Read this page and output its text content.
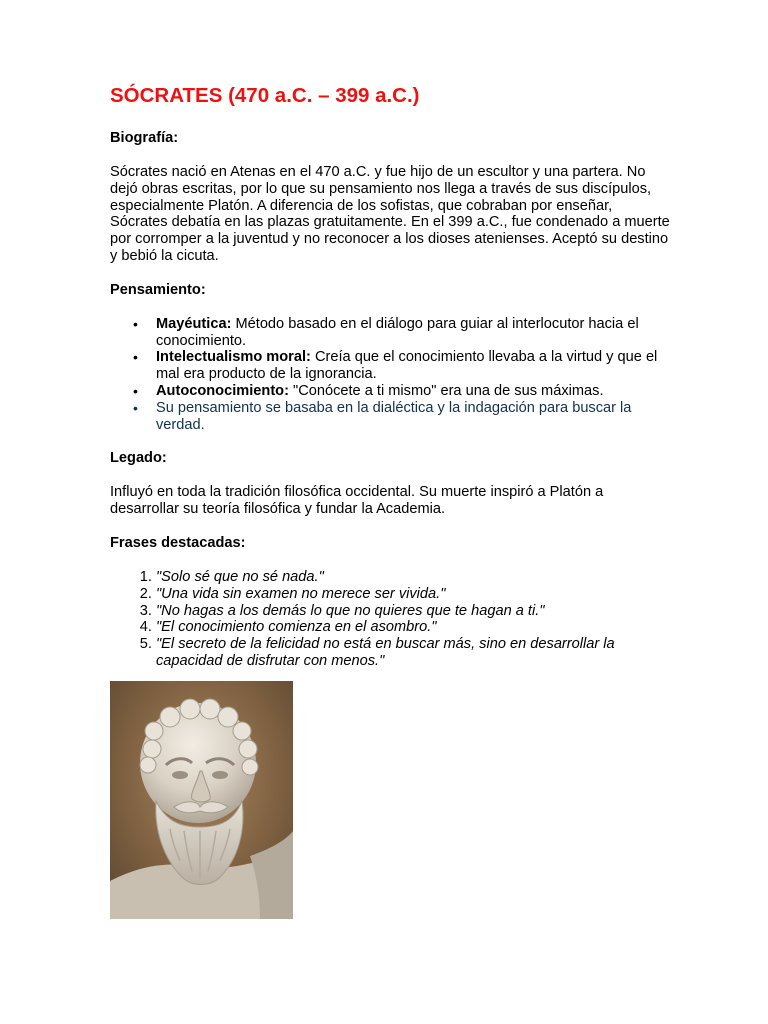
SÓCRATES (470 a.C. – 399 a.C.)
Biografía:

Sócrates nació en Atenas en el 470 a.C. y fue hijo de un escultor y una partera. No dejó obras escritas, por lo que su pensamiento nos llega a través de sus discípulos, especialmente Platón. A diferencia de los sofistas, que cobraban por enseñar, Sócrates debatía en las plazas gratuitamente. En el 399 a.C., fue condenado a muerte por corromper a la juventud y no reconocer a los dioses atenienses. Aceptó su destino y bebió la cicuta.

Pensamiento:
• Mayéutica: Método basado en el diálogo para guiar al interlocutor hacia el conocimiento.
• Intelectualismo moral: Creía que el conocimiento llevaba a la virtud y que el mal era producto de la ignorancia.
• Autoconocimiento: "Conócete a ti mismo" era una de sus máximas.
• Su pensamiento se basaba en la dialéctica y la indagación para buscar la verdad.
Legado:

Influyó en toda la tradición filosófica occidental. Su muerte inspiró a Platón a desarrollar su teoría filosófica y fundar la Academia.

Frases destacadas:
1. "Solo sé que no sé nada."
2. "Una vida sin examen no merece ser vivida."
3. "No hagas a los demás lo que no quieres que te hagan a ti."
4. "El conocimiento comienza en el asombro."
5. "El secreto de la felicidad no está en buscar más, sino en desarrollar la capacidad de disfrutar con menos."
